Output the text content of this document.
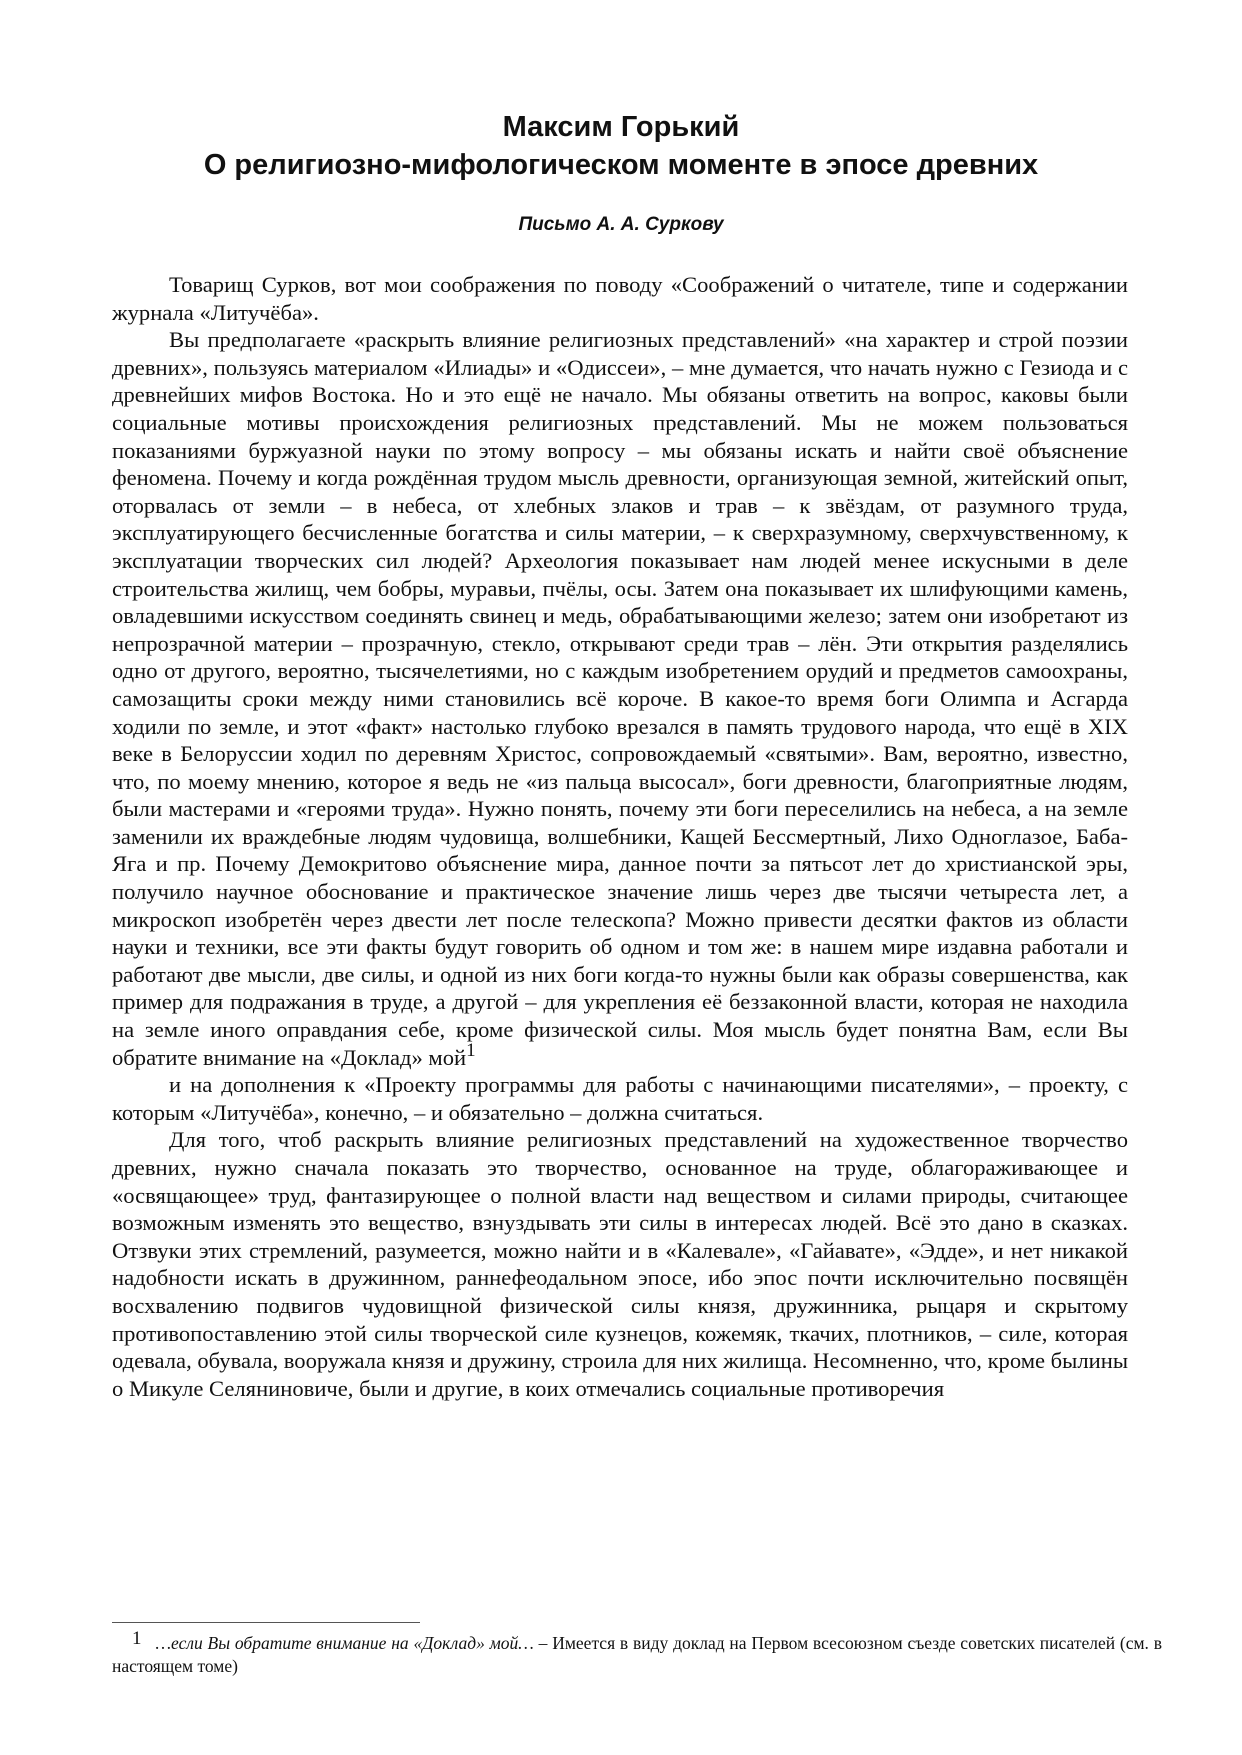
Максим Горький
О религиозно-мифологическом моменте в эпосе древних
Письмо А. А. Суркову

Товарищ Сурков, вот мои соображения по поводу «Соображений о читателе, типе и содержании журнала «Литучёба».

Вы предполагаете «раскрыть влияние религиозных представлений» «на характер и строй поэзии древних», пользуясь материалом «Илиады» и «Одиссеи», – мне думается, что начать нужно с Гезиода и с древнейших мифов Востока. Но и это ещё не начало. Мы обязаны ответить на вопрос, каковы были социальные мотивы происхождения религиозных представлений. Мы не можем пользоваться показаниями буржуазной науки по этому вопросу – мы обязаны искать и найти своё объяснение феномена. Почему и когда рождённая трудом мысль древности, организующая земной, житейский опыт, оторвалась от земли – в небеса, от хлебных злаков и трав – к звёздам, от разумного труда, эксплуатирующего бесчисленные богатства и силы материи, – к сверхразумному, сверхчувственному, к эксплуатации творческих сил людей? Археология показывает нам людей менее искусными в деле строительства жилищ, чем бобры, муравьи, пчёлы, осы. Затем она показывает их шлифующими камень, овладевшими искусством соединять свинец и медь, обрабатывающими железо; затем они изобретают из непрозрачной материи – прозрачную, стекло, открывают среди трав – лён. Эти открытия разделялись одно от другого, вероятно, тысячелетиями, но с каждым изобретением орудий и предметов самоохраны, самозащиты сроки между ними становились всё короче. В какое-то время боги Олимпа и Асгарда ходили по земле, и этот «факт» настолько глубоко врезался в память трудового народа, что ещё в XIX веке в Белоруссии ходил по деревням Христос, сопровождаемый «святыми». Вам, вероятно, известно, что, по моему мнению, которое я ведь не «из пальца высосал», боги древности, благоприятные людям, были мастерами и «героями труда». Нужно понять, почему эти боги переселились на небеса, а на земле заменили их враждебные людям чудовища, волшебники, Кащей Бессмертный, Лихо Одноглазое, Баба-Яга и пр. Почему Демокритово объяснение мира, данное почти за пятьсот лет до христианской эры, получило научное обоснование и практическое значение лишь через две тысячи четыреста лет, а микроскоп изобретён через двести лет после телескопа? Можно привести десятки фактов из области науки и техники, все эти факты будут говорить об одном и том же: в нашем мире издавна работали и работают две мысли, две силы, и одной из них боги когда-то нужны были как образы совершенства, как пример для подражания в труде, а другой – для укрепления её беззаконной власти, которая не находила на земле иного оправдания себе, кроме физической силы. Моя мысль будет понятна Вам, если Вы обратите внимание на «Доклад» мой$^1$

и на дополнения к «Проекту программы для работы с начинающими писателями», – проекту, с которым «Литучёба», конечно, – и обязательно – должна считаться.

Для того, чтоб раскрыть влияние религиозных представлений на художественное творчество древних, нужно сначала показать это творчество, основанное на труде, облагораживающее и «освящающее» труд, фантазирующее о полной власти над веществом и силами природы, считающее возможным изменять это вещество, взнуздывать эти силы в интересах людей. Всё это дано в сказках. Отзвуки этих стремлений, разумеется, можно найти и в «Калевале», «Гайавате», «Эдде», и нет никакой надобности искать в дружинном, раннефеодальном эпосе, ибо эпос почти исключительно посвящён восхвалению подвигов чудовищной физической силы князя, дружинника, рыцаря и скрытому противопоставлению этой силы творческой силе кузнецов, кожемяк, ткачих, плотников, – силе, которая одевала, обувала, вооружала князя и дружину, строила для них жилища. Несомненно, что, кроме былины о Микуле Селяниновиче, были и другие, в коих отмечались социальные противоречия

1 …если Вы обратите внимание на «Доклад» мой… – Имеется в виду доклад на Первом всесоюзном съезде советских писателей (см. в настоящем томе)
